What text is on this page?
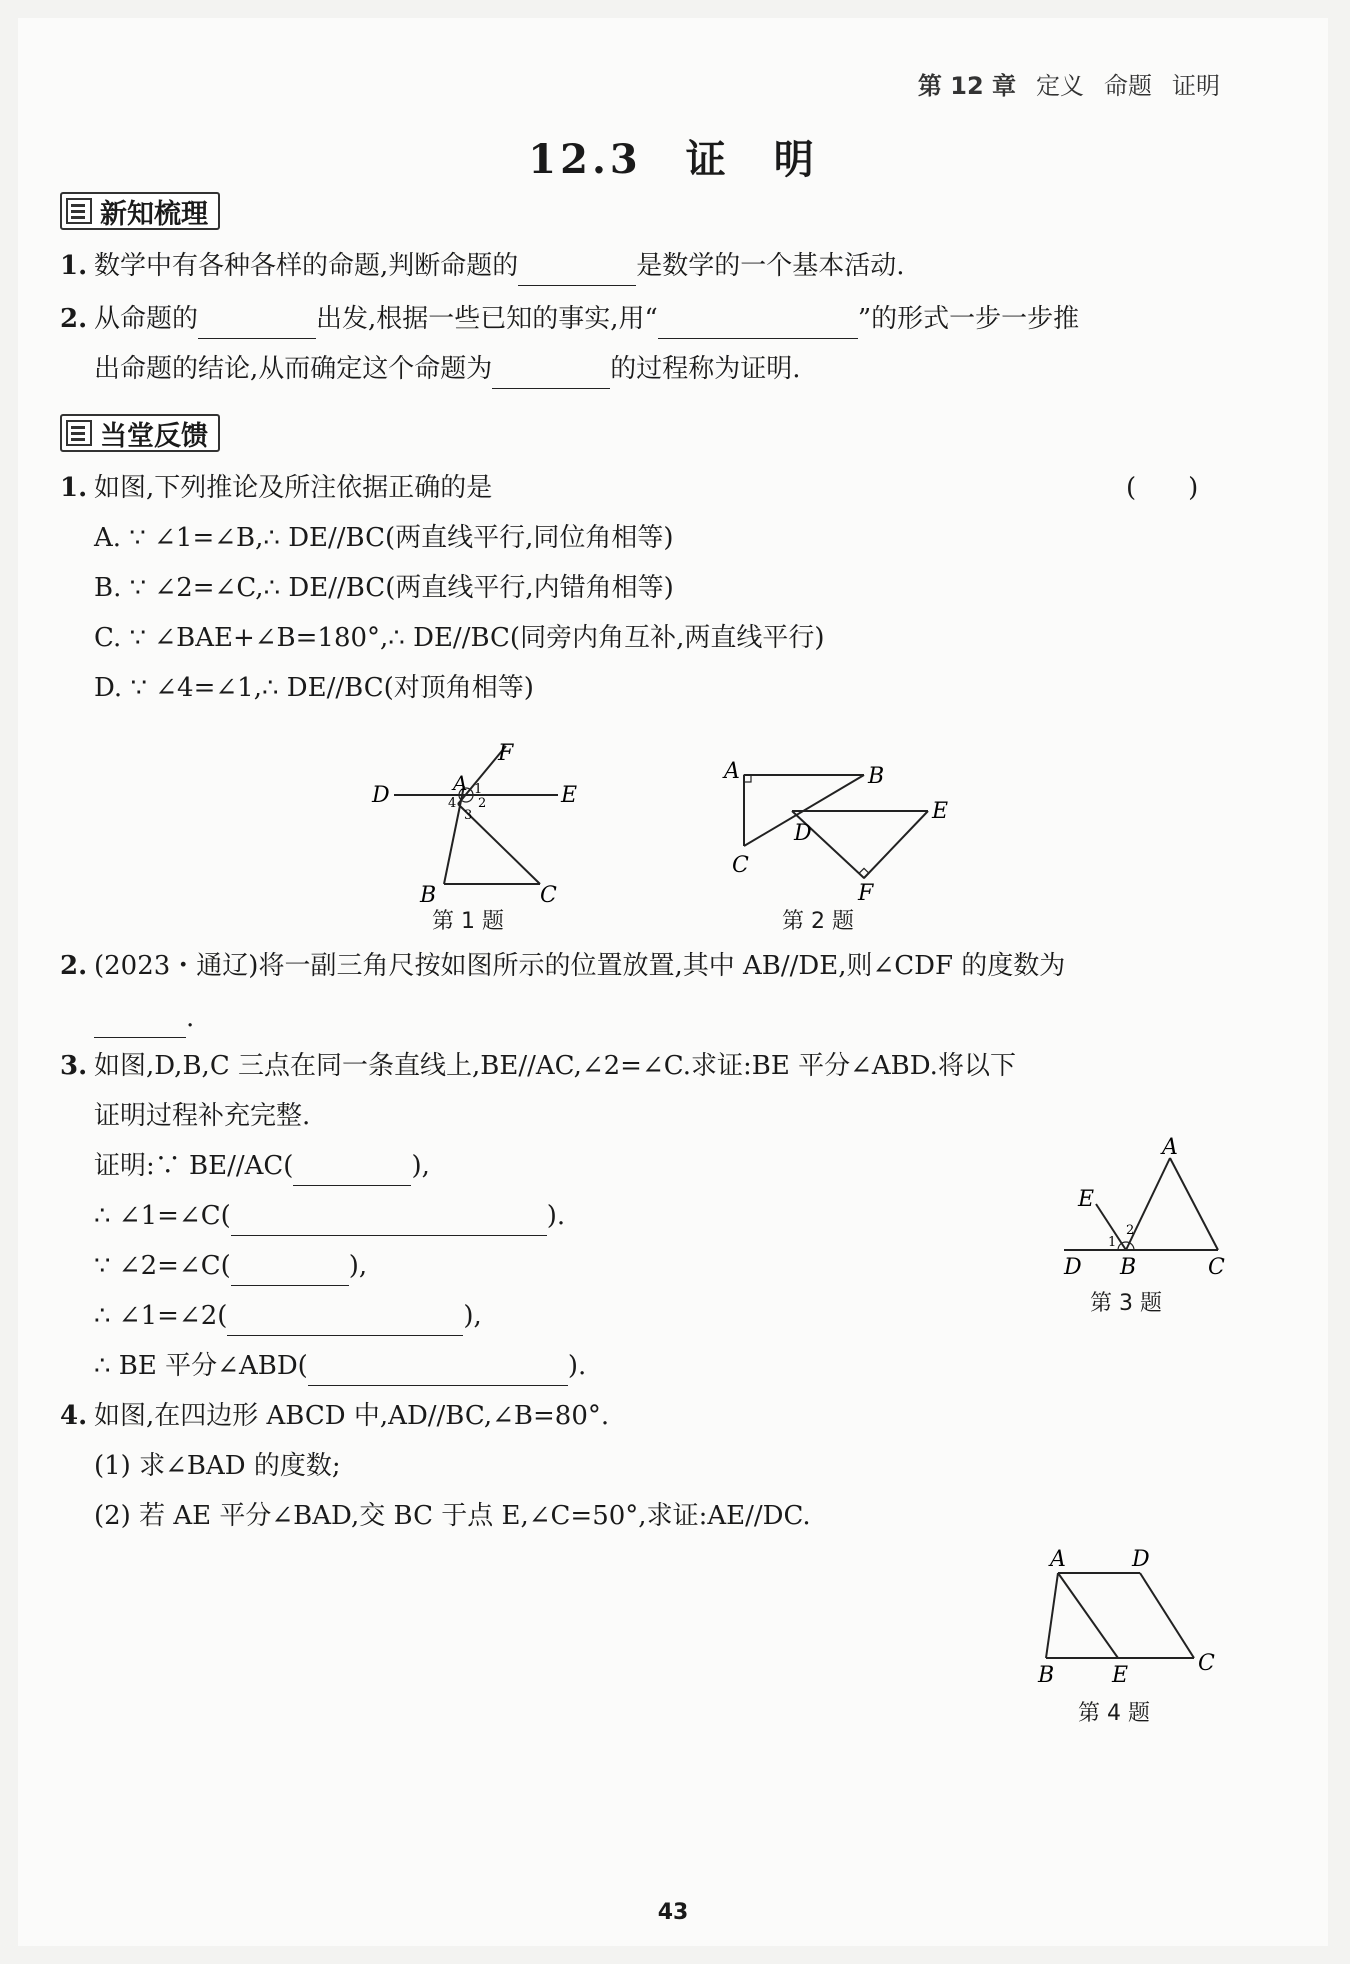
第 12 章 定义 命题 证明
12.3 证 明
新知梳理
1. 数学中有各种各样的命题,判断命题的	是数学的一个基本活动.
2. 从命题的	出发,根据一些已知的事实,用“	”的形式一步一步推
出命题的结论,从而确定这个命题为	的过程称为证明.
当堂反馈
1. 如图,下列推论及所注依据正确的是	(　　)
A. ∵ ∠1=∠B,∴ DE//BC(两直线平行,同位角相等)
B. ∵ ∠2=∠C,∴ DE//BC(两直线平行,内错角相等)
C. ∵ ∠BAE+∠B=180°,∴ DE//BC(同旁内角互补,两直线平行)
D. ∵ ∠4=∠1,∴ DE//BC(对顶角相等)
F
D	A	E
B	C
1
2
3
4
第 1 题
A	B
E
D
C
F
第 2 题
2. (2023・通辽)将一副三角尺按如图所示的位置放置,其中 AB//DE,则∠CDF 的度数为
.
3. 如图,D,B,C 三点在同一条直线上,BE//AC,∠2=∠C.求证:BE 平分∠ABD.将以下
证明过程补充完整.
证明:∵ BE//AC(	),
∴ ∠1=∠C(	).
∵ ∠2=∠C(	),
∴ ∠1=∠2(	),
∴ BE 平分∠ABD(	).
E
A
D B	C
1
2
第 3 题
4. 如图,在四边形 ABCD 中,AD//BC,∠B=80°.
(1) 求∠BAD 的度数;
(2) 若 AE 平分∠BAD,交 BC 于点 E,∠C=50°,求证:AE//DC.
A	D
B	E	C
第 4 题
43
